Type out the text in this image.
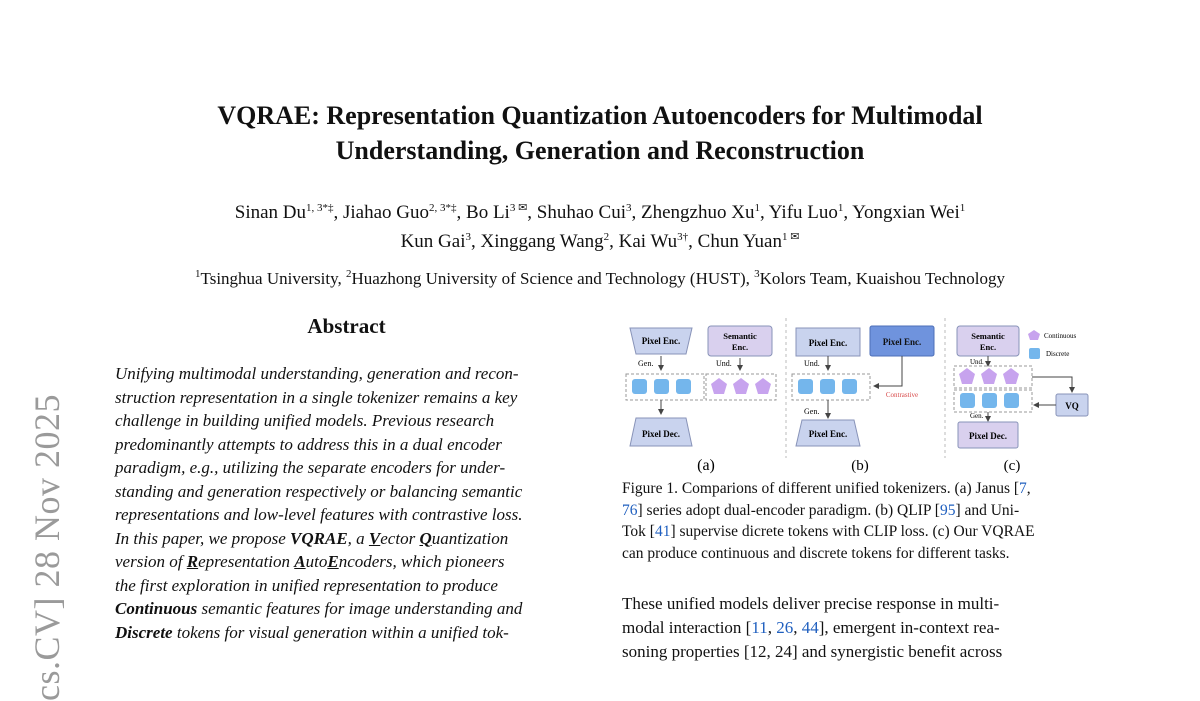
VQRAE: Representation Quantization Autoencoders for Multimodal
Understanding, Generation and Reconstruction
Sinan $Du^{1, 3*\ddagger}$, Jiahao Guo$^{2, 3*\ddagger}$, Bo $Li^{3 ✉}$, Shuhao Cui$^3$, Zhengzhuo Xu$^1$, Yifu Luo$^1$, Yongxian Wei$^1$
Kun Gai$^3$, Xinggang Wang$^2$, Kai $Wu^{3\dagger}$, Chun Yuan$^{1 ✉}$
$^1$Tsinghua University, $^2$Huazhong University of Science and Technology (HUST), $^3$Kolors Team, Kuaishou Technology
cs.CV] 28 Nov 2025
Abstract
Unifying multimodal understanding, generation and recon-
struction representation in a single tokenizer remains a key
challenge in building unified models. Previous research
predominantly attempts to address this in a dual encoder
paradigm, e.g., utilizing the separate encoders for under-
standing and generation respectively or balancing semantic
representations and low-level features with contrastive loss.
In this paper, we propose VQRAE, a Vector Quantization
version of Representation AutoEncoders, which pioneers
the first exploration in unified representation to produce
Continuous semantic features for image understanding and
Discrete tokens for visual generation within a unified tok-
Pixel Enc.	Semantic
Enc.
Gen.	Und.
Pixel Dec.
(a)
Pixel Enc.	Pixel Enc.
Und.
Contrastive
Gen.
Pixel Enc.
(b)
Semantic
Enc.
Continuous
Discrete
Und.
VQ
Gen.
Pixel Dec.
(c)
Figure 1. Comparions of different unified tokenizers. (a) Janus [7,
76] series adopt dual-encoder paradigm. (b) QLIP [95] and Uni-
Tok [41] supervise dicrete tokens with CLIP loss. (c) Our VQRAE
can produce continuous and discrete tokens for different tasks.
These unified models deliver precise response in multi-
modal interaction [11, 26, 44], emergent in-context rea-
soning properties [12, 24] and synergistic benefit across
